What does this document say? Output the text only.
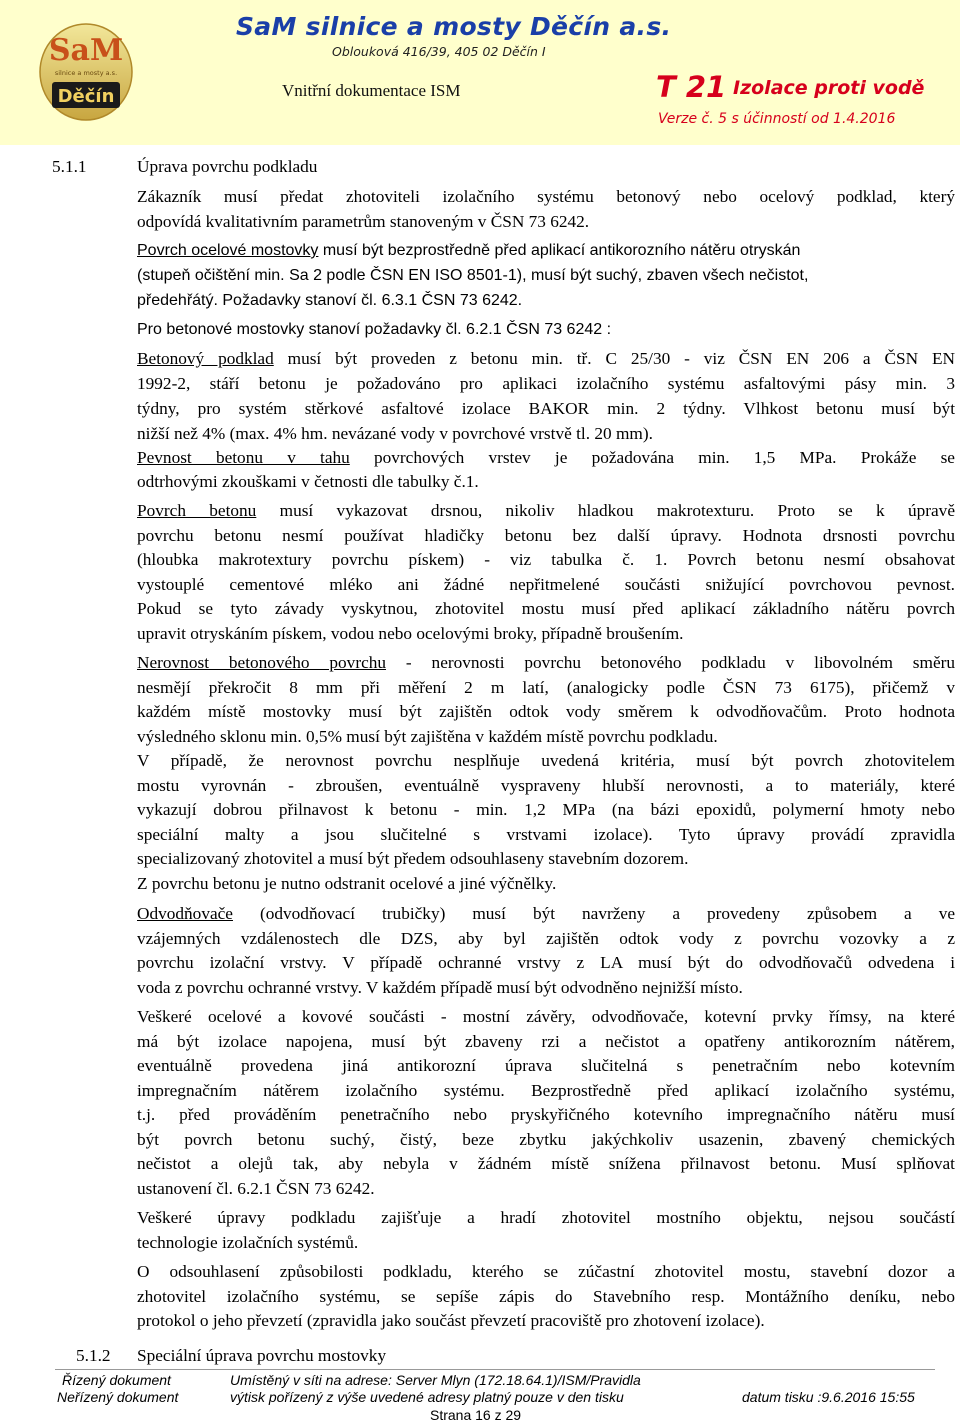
SaM
silnice a mosty a.s.
Děčín
SaM silnice a mosty Děčín a.s.
Oblouková 416/39, 405 02 Děčín I
Vnitřní dokumentace ISM	T 21 Izolace proti vodě
Verze č. 5 s účinností od 1.4.2016
5.1.1	Úprava povrchu podkladu
Zákazník musí předat zhotoviteli izolačního systému betonový nebo ocelový podklad, který
odpovídá kvalitativním parametrům stanoveným v ČSN 73 6242.
Povrch ocelové mostovky musí být bezprostředně před aplikací antikorozního nátěru otryskán
(stupeň očištění min. Sa 2 podle ČSN EN ISO 8501-1), musí být suchý, zbaven všech nečistot,
předehřátý. Požadavky stanoví čl. 6.3.1 ČSN 73 6242.
Pro betonové mostovky stanoví požadavky čl. 6.2.1 ČSN 73 6242 :
Betonový podklad musí být proveden z betonu min. tř. C 25/30 - viz ČSN EN 206 a ČSN EN
1992-2, stáří betonu je požadováno pro aplikaci izolačního systému asfaltovými pásy min. 3
týdny, pro systém stěrkové asfaltové izolace BAKOR min. 2 týdny. Vlhkost betonu musí být
nižší než 4% (max. 4% hm. nevázané vody v povrchové vrstvě tl. 20 mm).
Pevnost betonu v tahu povrchových vrstev je požadována min. 1,5 MPa. Prokáže se
odtrhovými zkouškami v četnosti dle tabulky č.1.
Povrch betonu musí vykazovat drsnou, nikoliv hladkou makrotexturu. Proto se k úpravě
povrchu betonu nesmí používat hladičky betonu bez další úpravy. Hodnota drsnosti povrchu
(hloubka makrotextury povrchu pískem) - viz tabulka č. 1. Povrch betonu nesmí obsahovat
vystouplé cementové mléko ani žádné nepřitmelené součásti snižující povrchovou pevnost.
Pokud se tyto závady vyskytnou, zhotovitel mostu musí před aplikací základního nátěru povrch
upravit otryskáním pískem, vodou nebo ocelovými broky, případně broušením.
Nerovnost betonového povrchu - nerovnosti povrchu betonového podkladu v libovolném směru
nesmějí překročit 8 mm při měření 2 m latí, (analogicky podle ČSN 73 6175), přičemž v
každém místě mostovky musí být zajištěn odtok vody směrem k odvodňovačům. Proto hodnota
výsledného sklonu min. 0,5% musí být zajištěna v každém místě povrchu podkladu.
V případě, že nerovnost povrchu nesplňuje uvedená kritéria, musí být povrch zhotovitelem
mostu vyrovnán - zbroušen, eventuálně vyspraveny hlubší nerovnosti, a to materiály, které
vykazují dobrou přilnavost k betonu - min. 1,2 MPa (na bázi epoxidů, polymerní hmoty nebo
speciální malty a jsou slučitelné s vrstvami izolace). Tyto úpravy provádí zpravidla
specializovaný zhotovitel a musí být předem odsouhlaseny stavebním dozorem.
Z povrchu betonu je nutno odstranit ocelové a jiné výčnělky.
Odvodňovače (odvodňovací trubičky) musí být navrženy a provedeny způsobem a ve
vzájemných vzdálenostech dle DZS, aby byl zajištěn odtok vody z povrchu vozovky a z
povrchu izolační vrstvy. V případě ochranné vrstvy z LA musí být do odvodňovačů odvedena i
voda z povrchu ochranné vrstvy. V každém případě musí být odvodněno nejnižší místo.
Veškeré ocelové a kovové součásti - mostní závěry, odvodňovače, kotevní prvky římsy, na které
má být izolace napojena, musí být zbaveny rzi a nečistot a opatřeny antikorozním nátěrem,
eventuálně provedena jiná antikorozní úprava slučitelná s penetračním nebo kotevním
impregnačním nátěrem izolačního systému. Bezprostředně před aplikací izolačního systému,
t.j. před prováděním penetračního nebo pryskyřičného kotevního impregnačního nátěru musí
být povrch betonu suchý, čistý, beze zbytku jakýchkoliv usazenin, zbavený chemických
nečistot a olejů tak, aby nebyla v žádném místě snížena přilnavost betonu. Musí splňovat
ustanovení čl. 6.2.1 ČSN 73 6242.
Veškeré úpravy podkladu zajišťuje a hradí zhotovitel mostního objektu, nejsou součástí
technologie izolačních systémů.
O odsouhlasení způsobilosti podkladu, kterého se zúčastní zhotovitel mostu, stavební dozor a
zhotovitel izolačního systému, se sepíše zápis do Stavebního resp. Montážního deníku, nebo
protokol o jeho převzetí (zpravidla jako součást převzetí pracoviště pro zhotovení izolace).
5.1.2 Speciální úprava povrchu mostovky
Řízený dokument
Neřízený dokument
Umístěný v síti na adrese: Server Mlyn (172.18.64.1)/ISM/Pravidla
výtisk pořízený z výše uvedené adresy platný pouze v den tisku	datum tisku :9.6.2016 15:55
Strana 16 z 29
